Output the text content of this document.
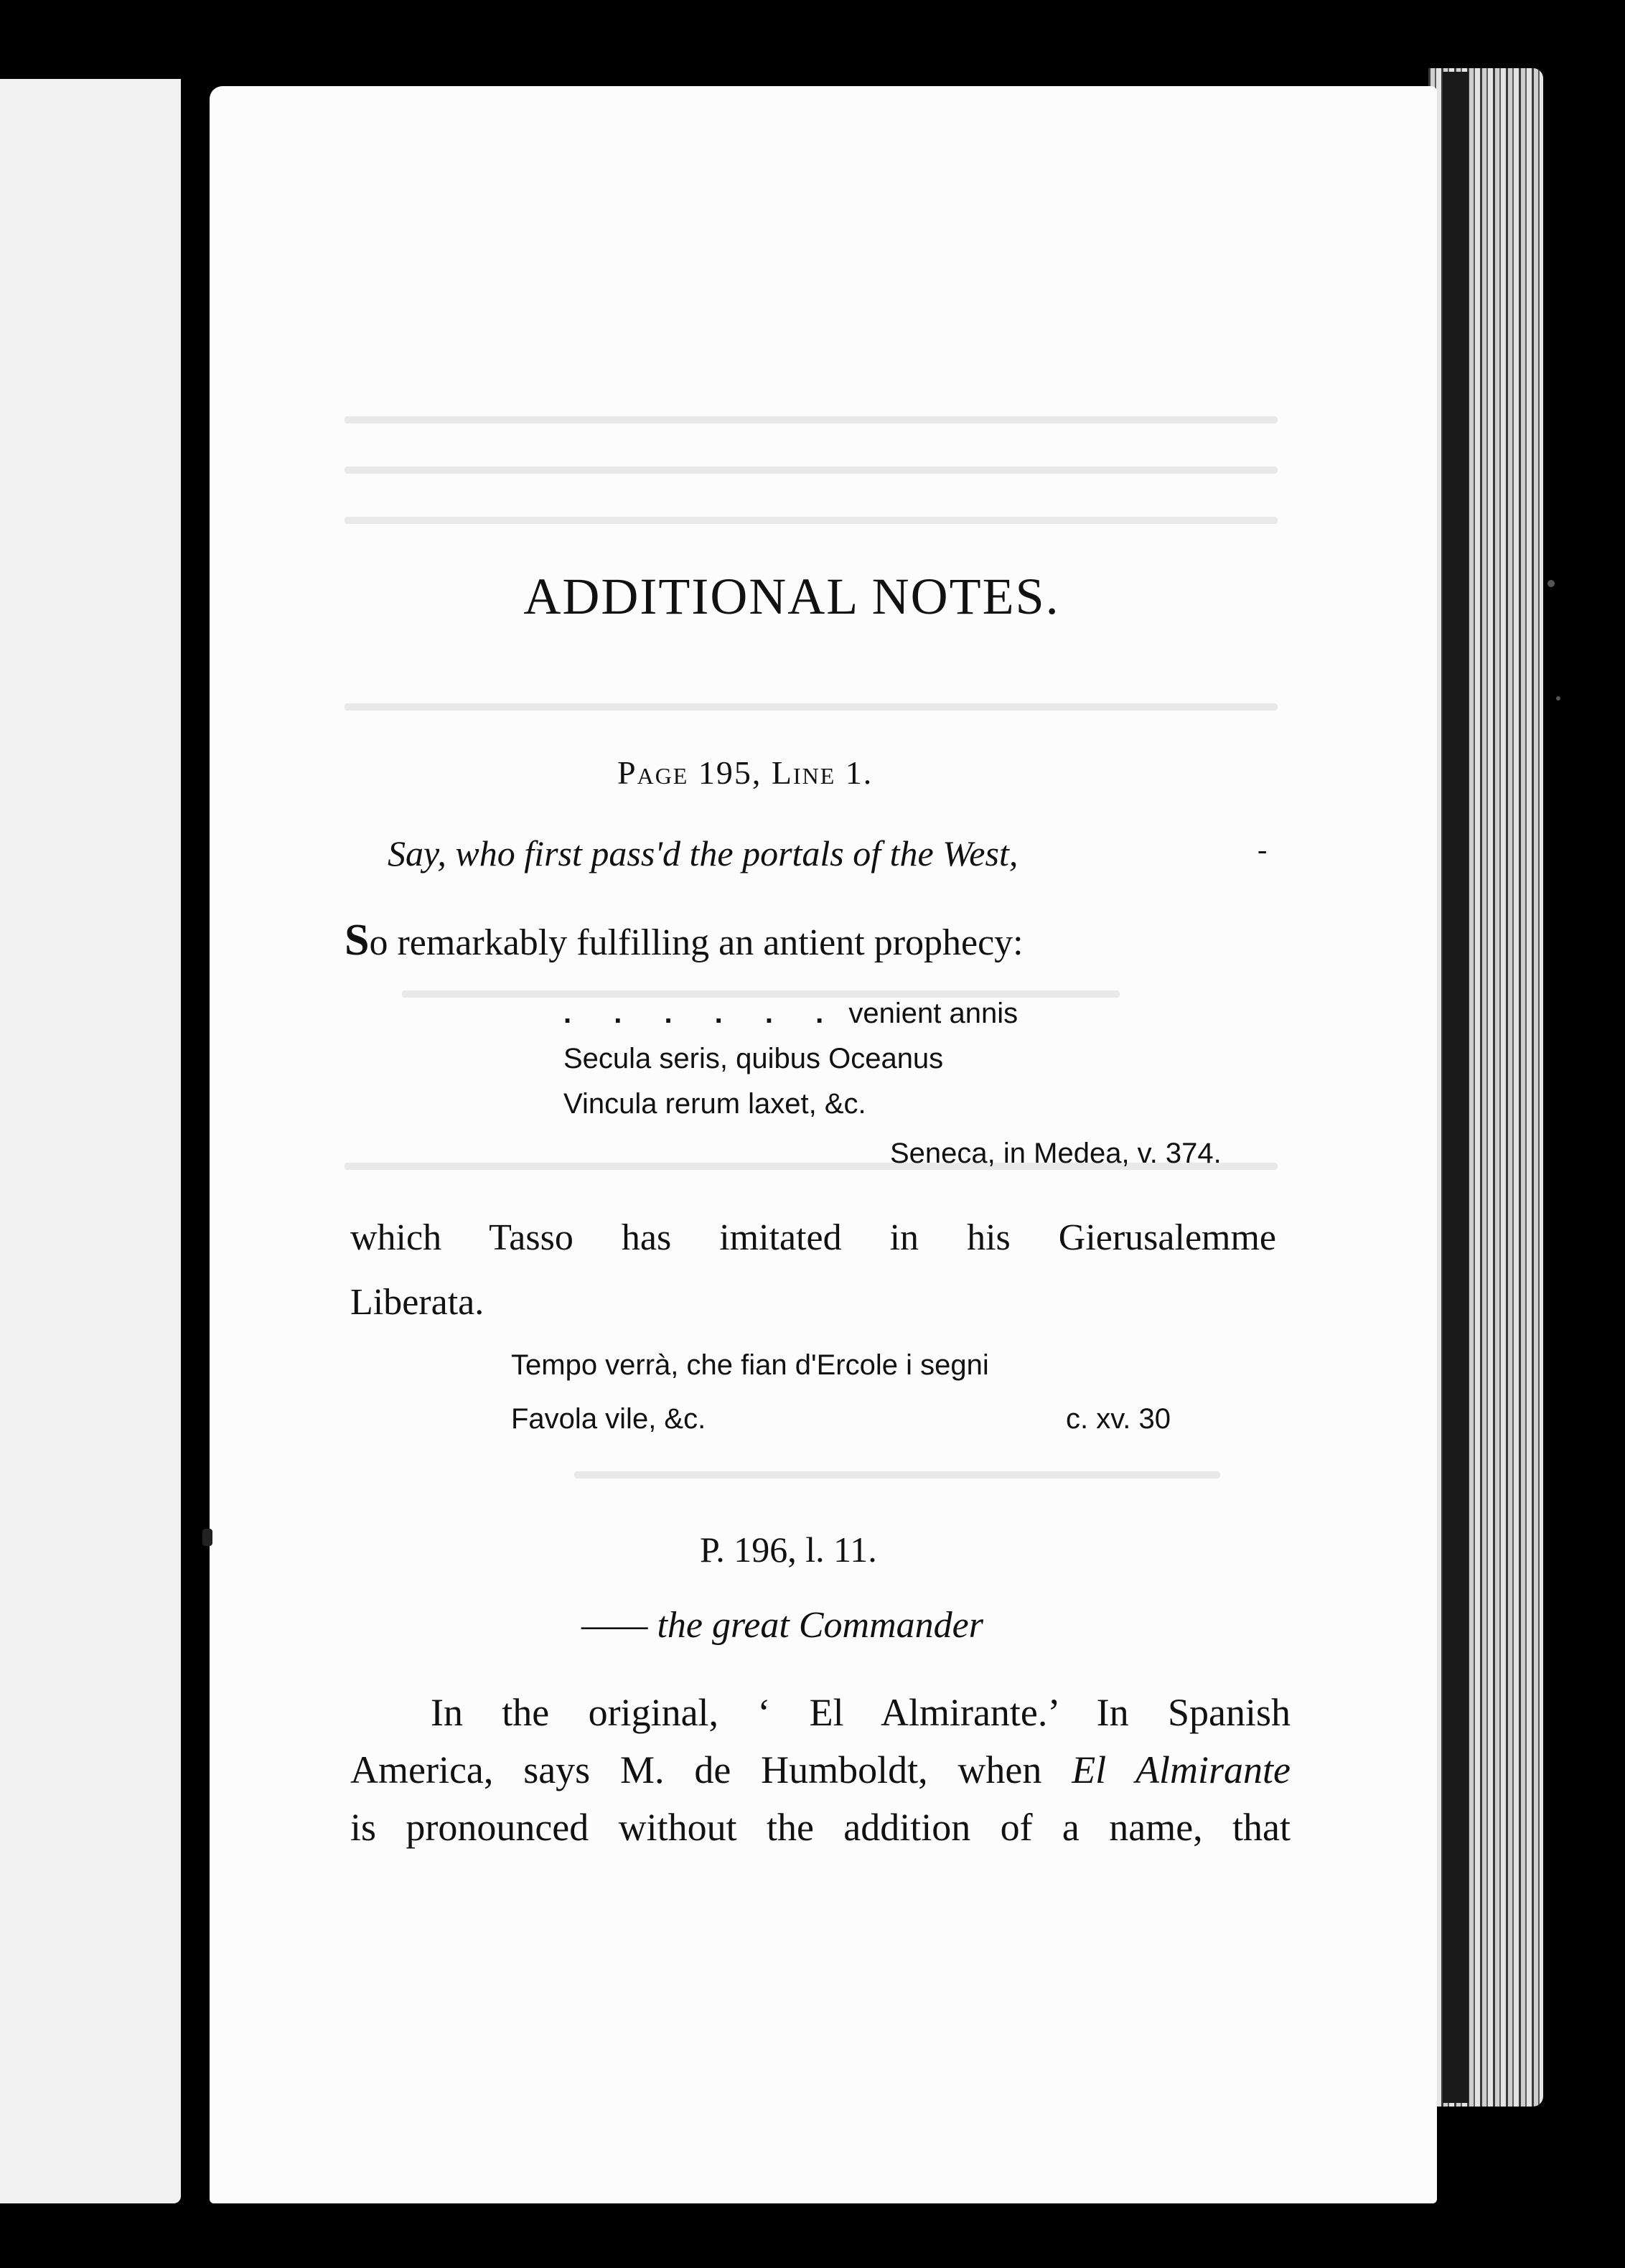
ADDITIONAL NOTES.
Page 195, Line 1.
Say, who first pass'd the portals of the West,	-
So remarkably fulfilling an antient prophecy:
. . . . . . venient annis
Secula seris, quibus Oceanus
Vincula rerum laxet, &c.
Seneca, in Medea, v. 374.
which Tasso has imitated in his Gierusalemme
Liberata.
Tempo verrà, che fian d'Ercole i segni
Favola vile, &c.	c. xv. 30
P. 196, l. 11.
—— the great Commander
In the original, ‘ El Almirante.’ In Spanish
America, says M. de Humboldt, when El Almirante
is pronounced without the addition of a name, that
